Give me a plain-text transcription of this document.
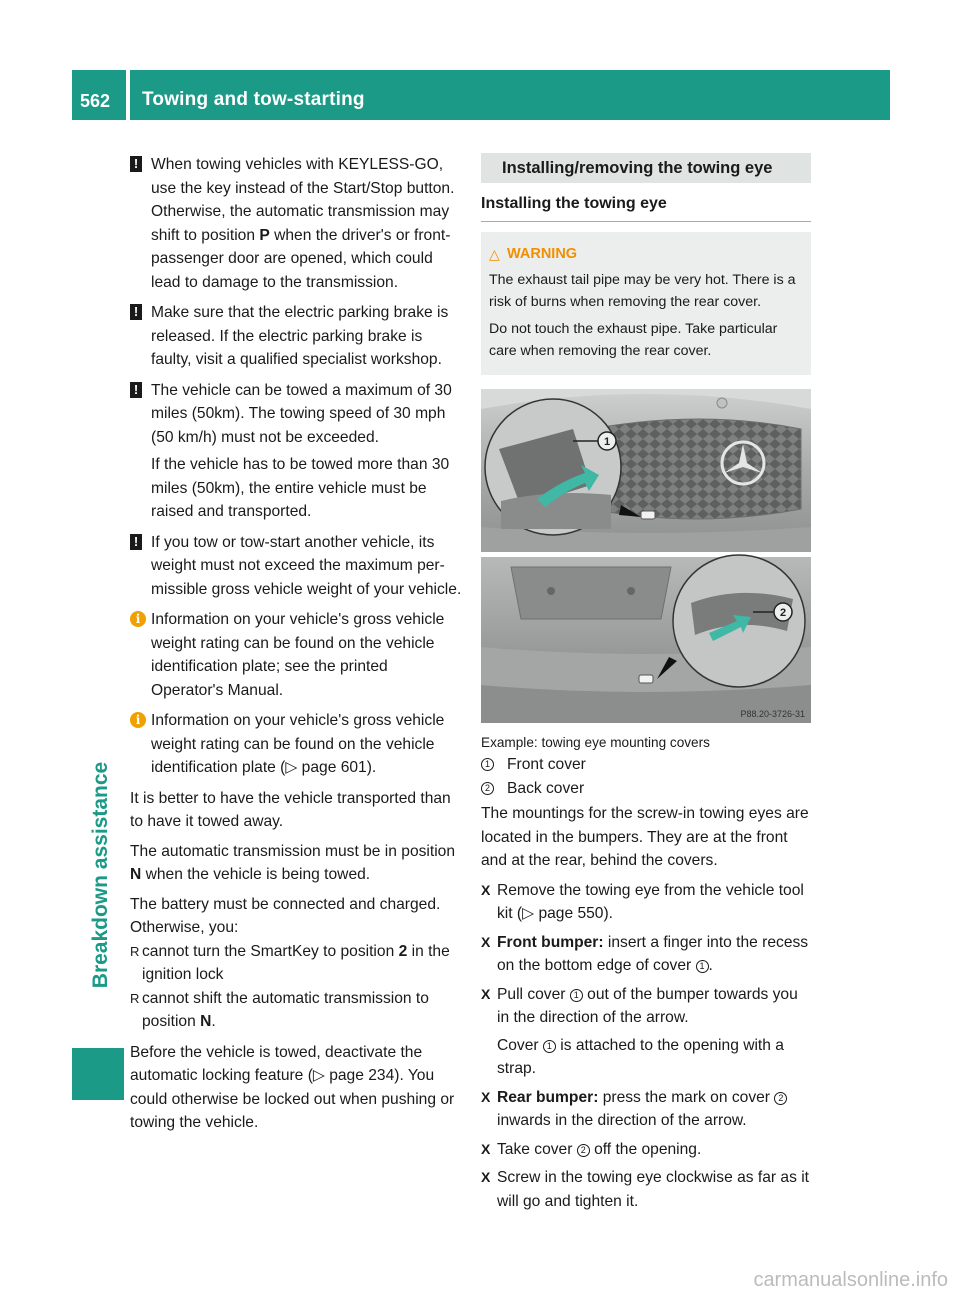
562 Towing and tow-starting
Breakdown assistance
! When towing vehicles with KEYLESS-GO, use the key instead of the Start/Stop button. Otherwise, the automatic transmission may shift to position P when the driver's or front-passenger door are opened, which could lead to damage to the transmission.
! Make sure that the electric parking brake is released. If the electric parking brake is faulty, visit a qualified specialist workshop.
! The vehicle can be towed a maximum of 30 miles (50km). The towing speed of 30 mph (50 km/h) must not be exceeded.
If the vehicle has to be towed more than 30 miles (50km), the entire vehicle must be raised and transported.
! If you tow or tow-start another vehicle, its weight must not exceed the maximum permissible gross vehicle weight of your vehicle.
i Information on your vehicle's gross vehicle weight rating can be found on the vehicle identification plate; see the printed Operator's Manual.
i Information on your vehicle's gross vehicle weight rating can be found on the vehicle identification plate (▷ page 601).

It is better to have the vehicle transported than to have it towed away.

The automatic transmission must be in position N when the vehicle is being towed.

The battery must be connected and charged. Otherwise, you:

R cannot turn the SmartKey to position 2 in the ignition lock
R cannot shift the automatic transmission to position N.

Before the vehicle is towed, deactivate the automatic locking feature (▷ page 234). You could otherwise be locked out when pushing or towing the vehicle.

Installing/removing the towing eye
Installing the towing eye
△ WARNING

The exhaust tail pipe may be very hot. There is a risk of burns when removing the rear cover.

Do not touch the exhaust pipe. Take particular care when removing the rear cover.

1
2
P88.20-3726-31
Example: towing eye mounting covers
1 Front cover
2 Back cover

The mountings for the screw-in towing eyes are located in the bumpers. They are at the front and at the rear, behind the covers.

X Remove the towing eye from the vehicle tool kit (▷ page 550).
X Front bumper: insert a finger into the recess on the bottom edge of cover 1 .
X Pull cover 1 out of the bumper towards you in the direction of the arrow.
Cover 1 is attached to the opening with a strap.
X Rear bumper: press the mark on cover 2 inwards in the direction of the arrow.
X Take cover 2 off the opening.
X Screw in the towing eye clockwise as far as it will go and tighten it.
carmanualsonline.info
